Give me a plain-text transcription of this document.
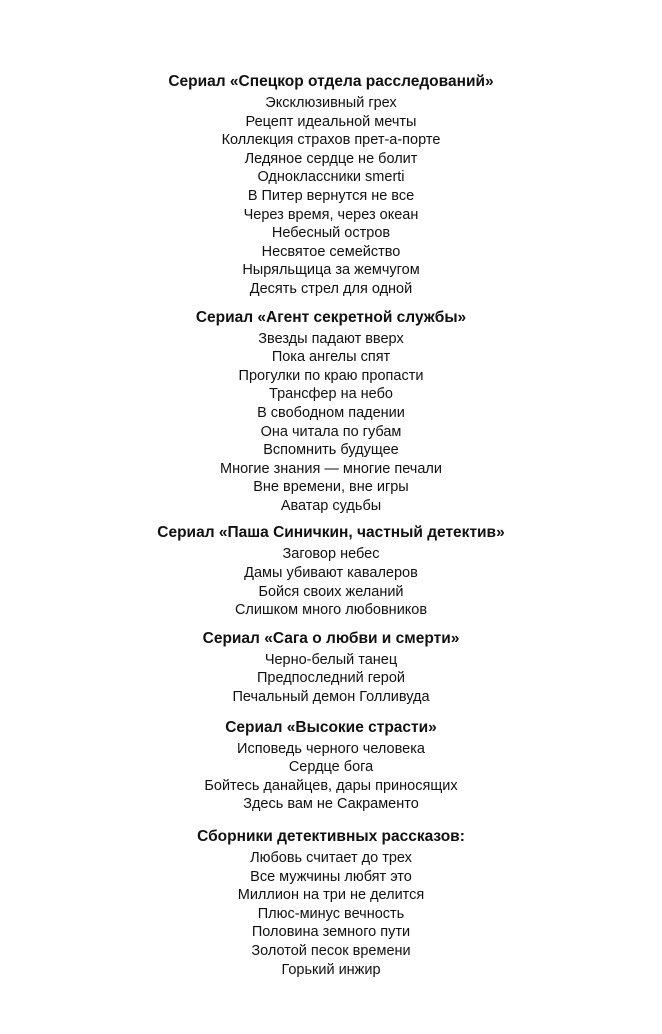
Сериал «Спецкор отдела расследований»

Эксклюзивный грех

Рецепт идеальной мечты

Коллекция страхов прет-а-порте

Ледяное сердце не болит

Одноклассники smerti

В Питер вернутся не все

Через время, через океан

Небесный остров

Несвятое семейство

Ныряльщица за жемчугом

Десять стрел для одной

Сериал «Агент секретной службы»

Звезды падают вверх

Пока ангелы спят

Прогулки по краю пропасти

Трансфер на небо

В свободном падении

Она читала по губам

Вспомнить будущее

Многие знания — многие печали

Вне времени, вне игры

Аватар судьбы

Сериал «Паша Синичкин, частный детектив»

Заговор небес

Дамы убивают кавалеров

Бойся своих желаний

Слишком много любовников

Сериал «Сага о любви и смерти»

Черно-белый танец

Предпоследний герой

Печальный демон Голливуда

Сериал «Высокие страсти»

Исповедь черного человека

Сердце бога

Бойтесь данайцев, дары приносящих

Здесь вам не Сакраменто

Сборники детективных рассказов:

Любовь считает до трех

Все мужчины любят это

Миллион на три не делится

Плюс-минус вечность

Половина земного пути

Золотой песок времени

Горький инжир
